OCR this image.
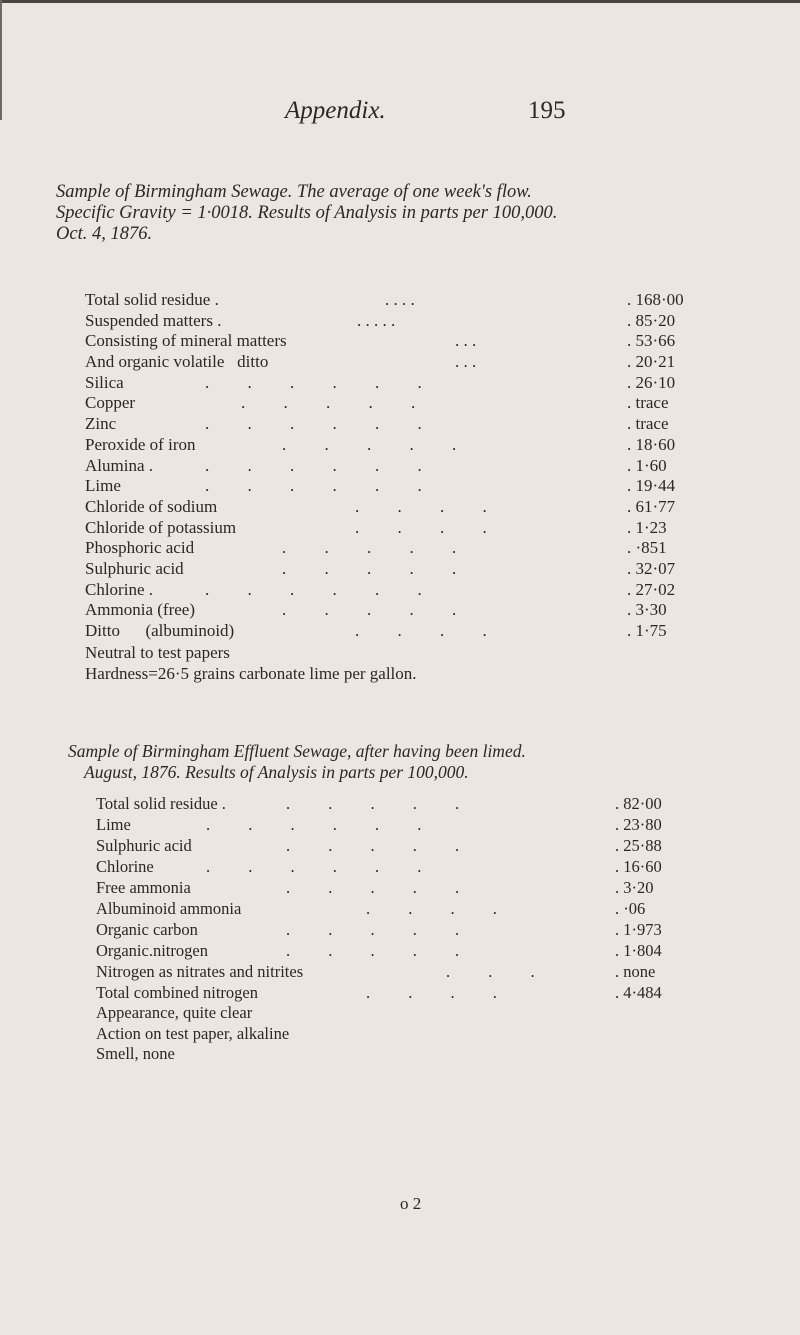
Appendix.	195
Sample of Birmingham Sewage. The average of one week's flow.
Specific Gravity = 1·0018. Results of Analysis in parts per 100,000.
Oct. 4, 1876.
Total solid residue .	. . . .	. 168·00
Suspended matters .	. . . . .	. 85·20
Consisting of mineral matters	. . .	. 53·66
And organic volatile   ditto	. . .	. 20·21
Silica	. . . . . .	. 26·10
Copper	. . . . .	. trace
Zinc	. . . . . .	. trace
Peroxide of iron	. . . . .	. 18·60
Alumina .	. . . . . .	. 1·60
Lime	. . . . . .	. 19·44
Chloride of sodium	. . . .	. 61·77
Chloride of potassium	. . . .	. 1·23
Phosphoric acid	. . . . .	. ·851
Sulphuric acid	. . . . .	. 32·07
Chlorine .	. . . . . .	. 27·02
Ammonia (free)	. . . . .	. 3·30
Ditto      (albuminoid)	. . . .	. 1·75
Neutral to test papers
Hardness=26·5 grains carbonate lime per gallon.
Sample of Birmingham Effluent Sewage, after having been limed.
August, 1876. Results of Analysis in parts per 100,000.
Total solid residue .	. . . . .	. 82·00
Lime	. . . . . .	. 23·80
Sulphuric acid	. . . . .	. 25·88
Chlorine	. . . . . .	. 16·60
Free ammonia	. . . . .	. 3·20
Albuminoid ammonia	. . . .	. ·06
Organic carbon	. . . . .	. 1·973
Organic.nitrogen	. . . . .	. 1·804
Nitrogen as nitrates and nitrites	. . .	. none
Total combined nitrogen	. . . .	. 4·484
Appearance, quite clear
Action on test paper, alkaline
Smell, none
o 2
